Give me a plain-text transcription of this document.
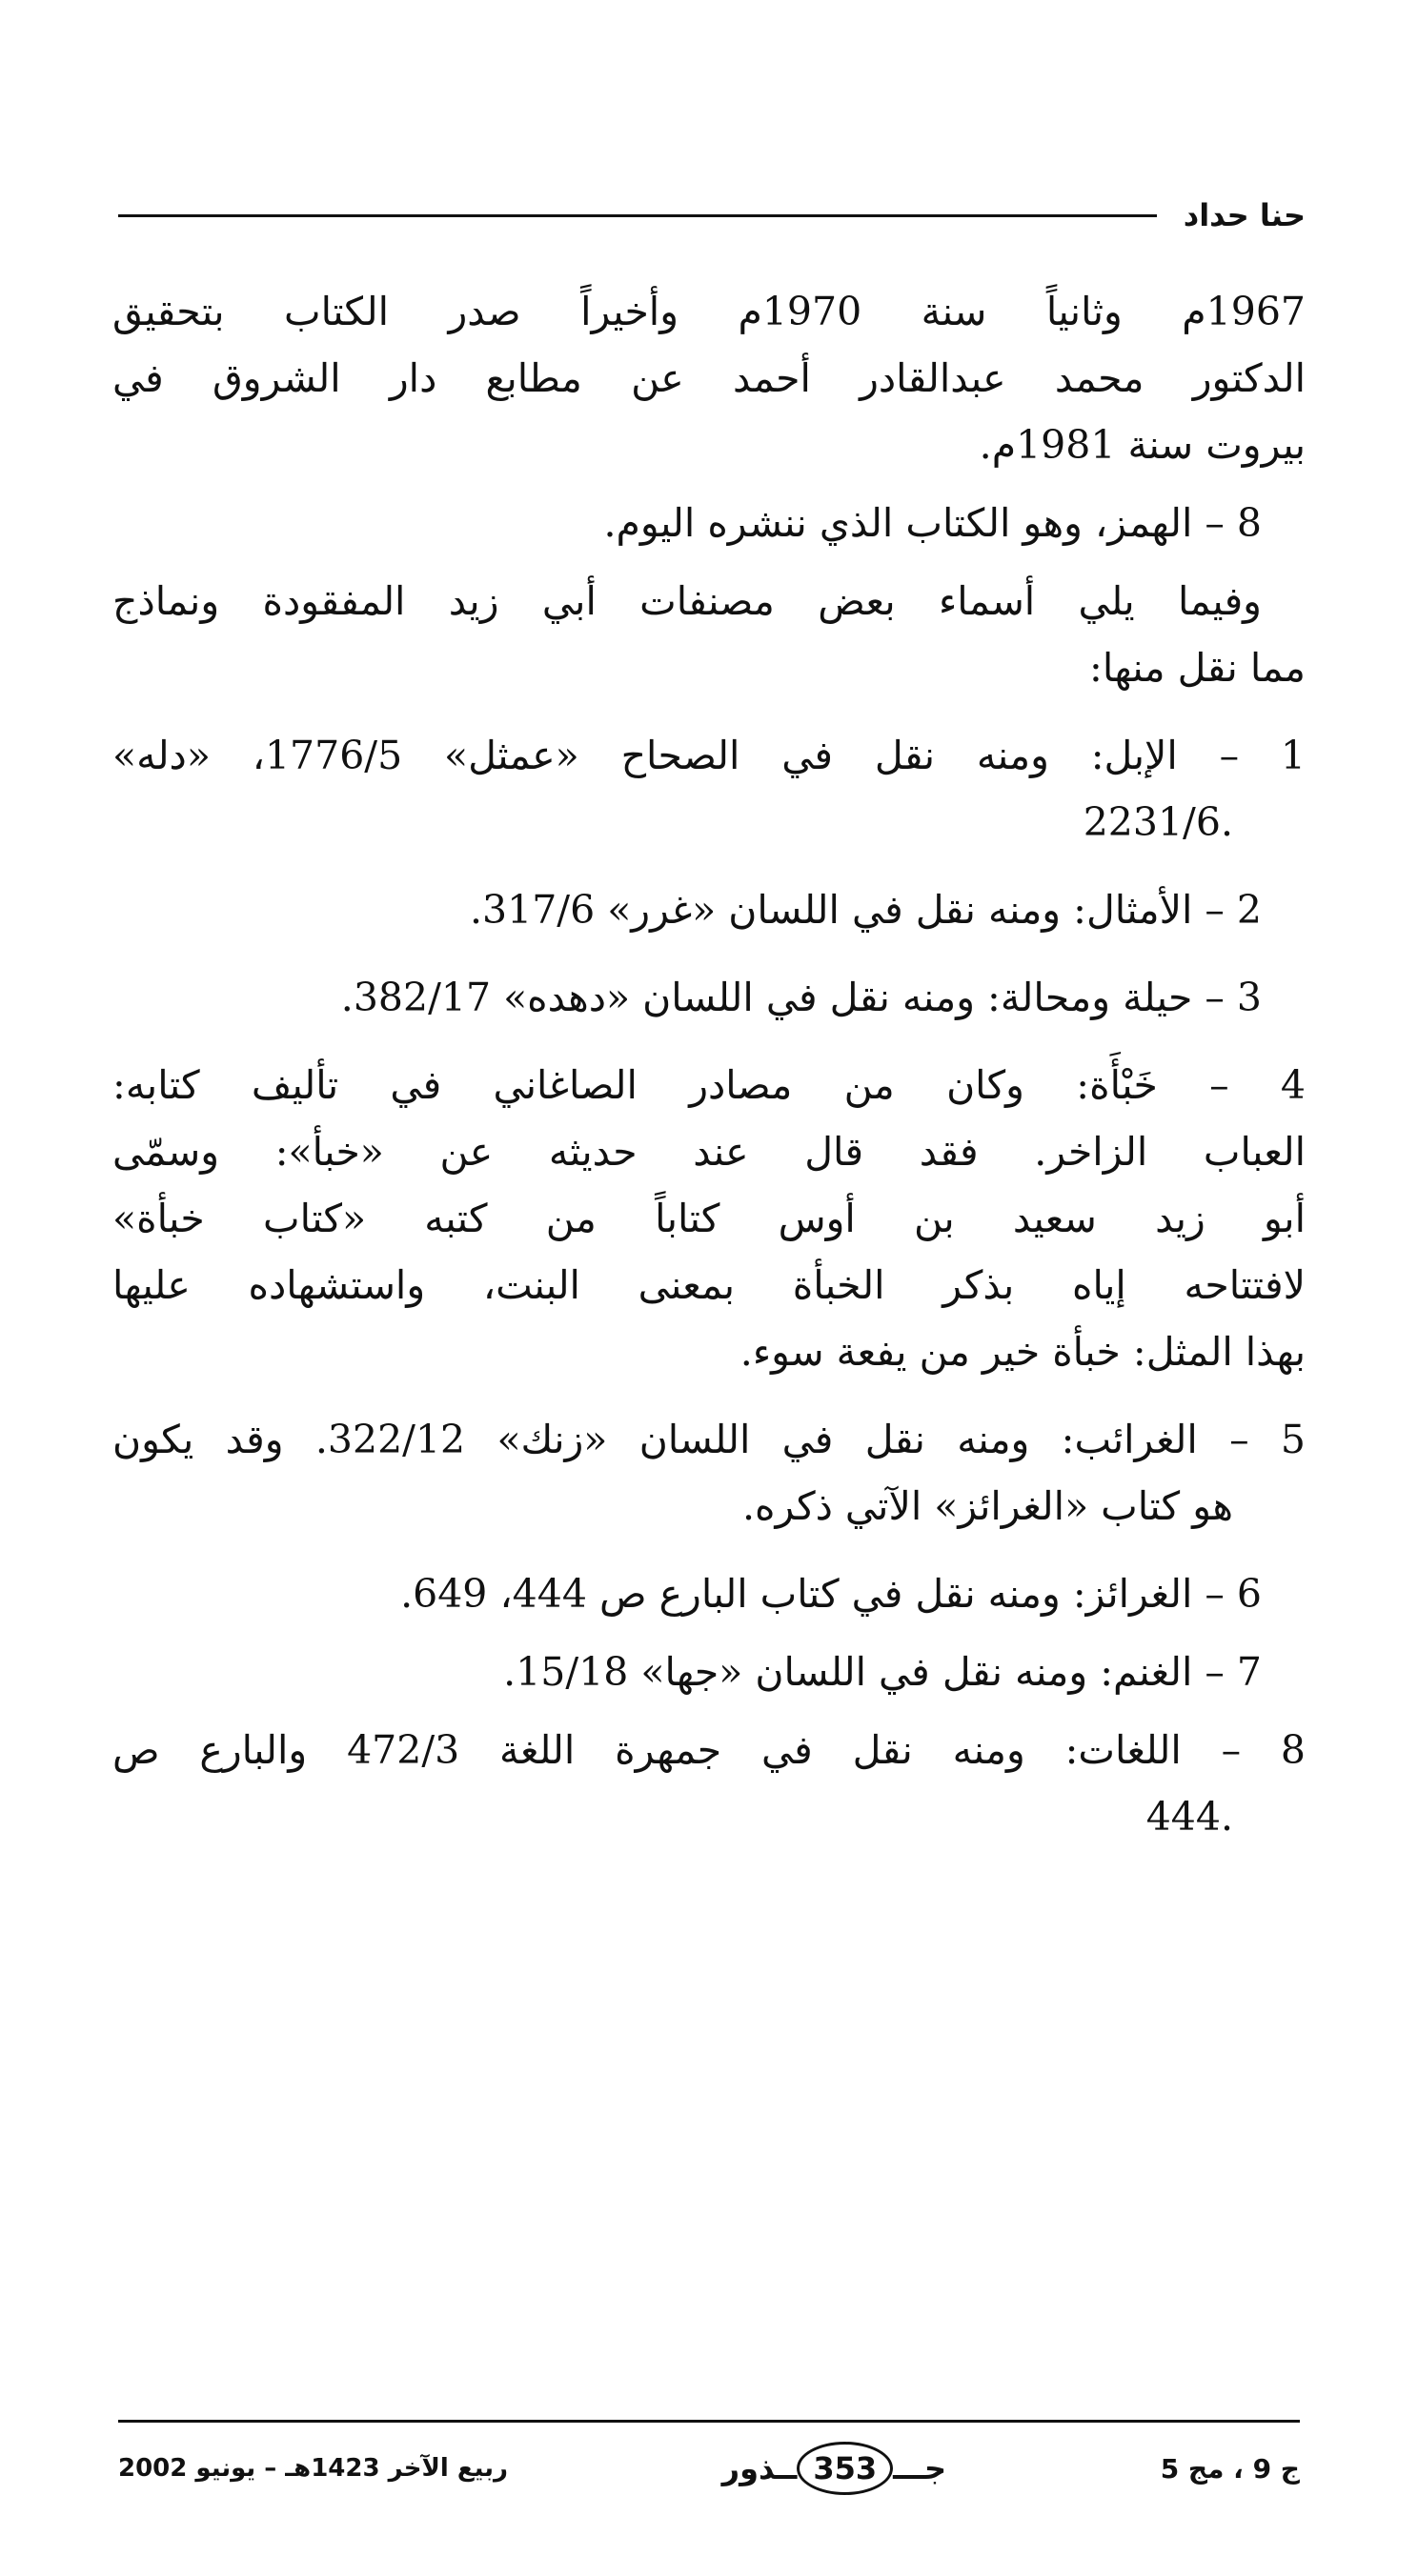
حنا حداد
1967م وثانياً سنة 1970م وأخيراً صدر الكتاب بتحقيق
الدكتور محمد عبدالقادر أحمد عن مطابع دار الشروق في
بيروت سنة 1981م.
8 – الهمز، وهو الكتاب الذي ننشره اليوم.
وفيما يلي أسماء بعض مصنفات أبي زيد المفقودة ونماذج
مما نقل منها:
1 – الإبل: ومنه نقل في الصحاح «عمثل» 1776/5، «دله»
.2231/6
2 – الأمثال: ومنه نقل في اللسان «غرر» 317/6.
3 – حيلة ومحالة: ومنه نقل في اللسان «دهده» 382/17.
4 – خَبْأَة: وكان من مصادر الصاغاني في تأليف كتابه:
العباب الزاخر. فقد قال عند حديثه عن «خبأ»: وسمّى
أبو زيد سعيد بن أوس كتاباً من كتبه «كتاب خبأة»
لافتتاحه إياه بذكر الخبأة بمعنى البنت، واستشهاده عليها
بهذا المثل: خبأة خير من يفعة سوء.
5 – الغرائب: ومنه نقل في اللسان «زنك» 322/12. وقد يكون
هو كتاب «الغرائز» الآتي ذكره.
6 – الغرائز: ومنه نقل في كتاب البارع ص 444، 649.
7 – الغنم: ومنه نقل في اللسان «جها» 15/18.
8 – اللغات: ومنه نقل في جمهرة اللغة 472/3 والبارع ص
.444
ج 9 ، مج 5
جـــ
353
ــذور
ربيع الآخر 1423هـ – يونيو 2002
